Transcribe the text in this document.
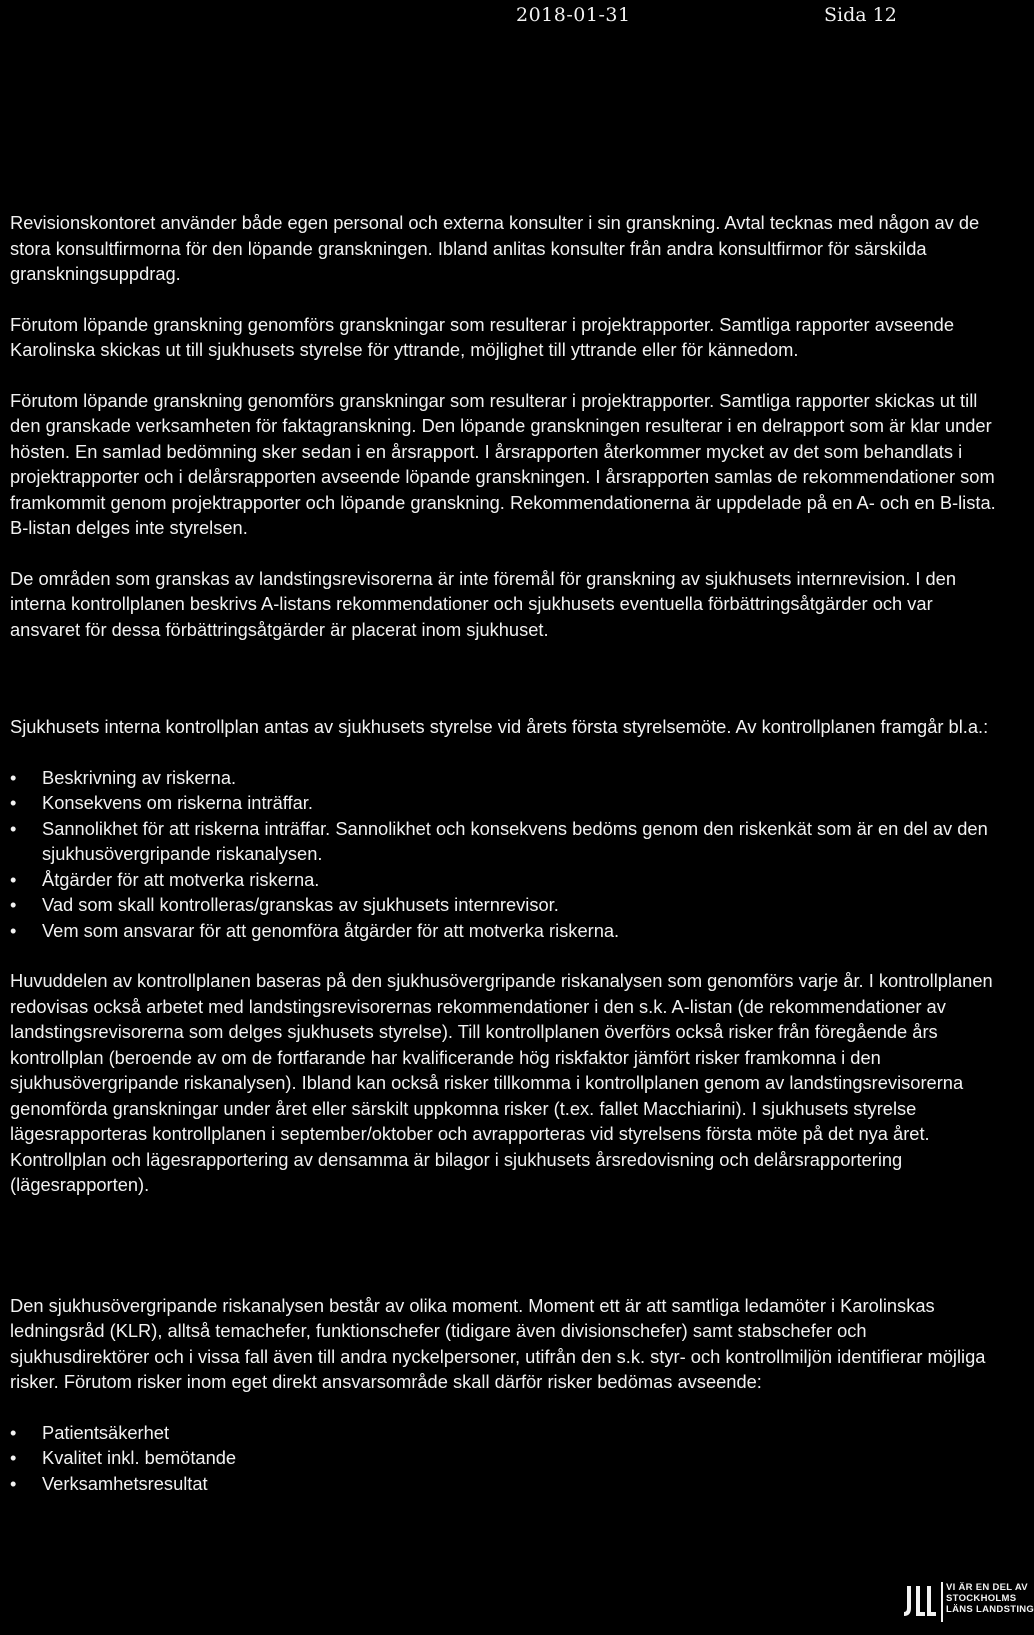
2018-01-31	Sida 12

Revisionskontoret använder både egen personal och externa konsulter i sin granskning. Avtal tecknas med någon av de stora konsultfirmorna för den löpande granskningen. Ibland anlitas konsulter från andra konsultfirmor för särskilda granskningsuppdrag.

Förutom löpande granskning genomförs granskningar som resulterar i projektrapporter. Samtliga rapporter avseende Karolinska skickas ut till sjukhusets styrelse för yttrande, möjlighet till yttrande eller för kännedom.

Förutom löpande granskning genomförs granskningar som resulterar i projektrapporter. Samtliga rapporter skickas ut till den granskade verksamheten för faktagranskning. Den löpande granskningen resulterar i en delrapport som är klar under hösten. En samlad bedömning sker sedan i en årsrapport. I årsrapporten återkommer mycket av det som behandlats i projektrapporter och i delårsrapporten avseende löpande granskningen. I årsrapporten samlas de rekommendationer som framkommit genom projektrapporter och löpande granskning. Rekommendationerna är uppdelade på en A- och en B-lista. B-listan delges inte styrelsen.

De områden som granskas av landstingsrevisorerna är inte föremål för granskning av sjukhusets internrevision. I den interna kontrollplanen beskrivs A-listans rekommendationer och sjukhusets eventuella förbättringsåtgärder och var ansvaret för dessa förbättringsåtgärder är placerat inom sjukhuset.

Sjukhusets interna kontrollplan antas av sjukhusets styrelse vid årets första styrelsemöte. Av kontrollplanen framgår bl.a.:

•	Beskrivning av riskerna.
•	Konsekvens om riskerna inträffar.
•	Sannolikhet för att riskerna inträffar. Sannolikhet och konsekvens bedöms genom den riskenkät som är en del av den sjukhusövergripande riskanalysen.
•	Åtgärder för att motverka riskerna.
•	Vad som skall kontrolleras/granskas av sjukhusets internrevisor.
•	Vem som ansvarar för att genomföra åtgärder för att motverka riskerna.

Huvuddelen av kontrollplanen baseras på den sjukhusövergripande riskanalysen som genomförs varje år. I kontrollplanen redovisas också arbetet med landstingsrevisorernas rekommendationer i den s.k. A-listan (de rekommendationer av landstingsrevisorerna som delges sjukhusets styrelse). Till kontrollplanen överförs också risker från föregående års kontrollplan (beroende av om de fortfarande har kvalificerande hög riskfaktor jämfört risker framkomna i den sjukhusövergripande riskanalysen). Ibland kan också risker tillkomma i kontrollplanen genom av landstingsrevisorerna genomförda granskningar under året eller särskilt uppkomna risker (t.ex. fallet Macchiarini). I sjukhusets styrelse lägesrapporteras kontrollplanen i september/oktober och avrapporteras vid styrelsens första möte på det nya året. Kontrollplan och lägesrapportering av densamma är bilagor i sjukhusets årsredovisning och delårsrapportering (lägesrapporten).

Den sjukhusövergripande riskanalysen består av olika moment. Moment ett är att samtliga ledamöter i Karolinskas ledningsråd (KLR), alltså temachefer, funktionschefer (tidigare även divisionschefer) samt stabschefer och sjukhusdirektörer och i vissa fall även till andra nyckelpersoner, utifrån den s.k. styr- och kontrollmiljön identifierar möjliga risker. Förutom risker inom eget direkt ansvarsområde skall därför risker bedömas avseende:

•	Patientsäkerhet
•	Kvalitet inkl. bemötande
•	Verksamhetsresultat
VI ÄR EN DEL AV
STOCKHOLMS
LÄNS LANDSTING
